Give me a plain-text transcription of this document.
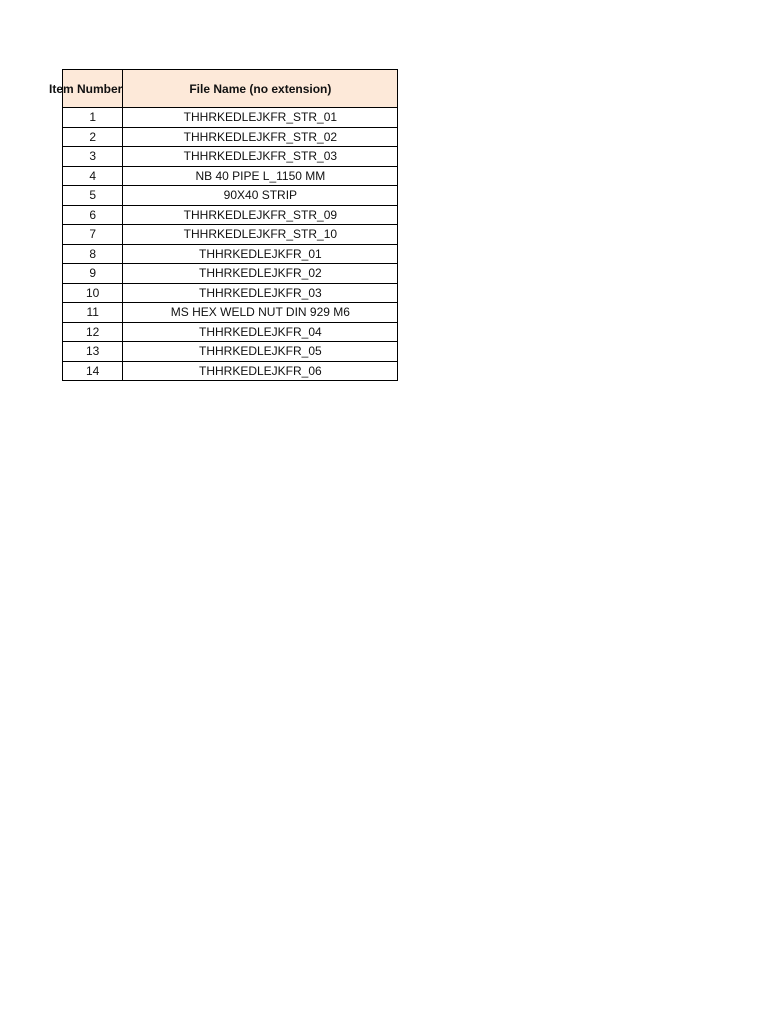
Item Number	File Name (no extension)
1	THHRKEDLEJKFR_STR_01
2	THHRKEDLEJKFR_STR_02
3	THHRKEDLEJKFR_STR_03
4	NB 40 PIPE L_1150 MM
5	90X40 STRIP
6	THHRKEDLEJKFR_STR_09
7	THHRKEDLEJKFR_STR_10
8	THHRKEDLEJKFR_01
9	THHRKEDLEJKFR_02
10	THHRKEDLEJKFR_03
11	MS HEX WELD NUT DIN 929 M6
12	THHRKEDLEJKFR_04
13	THHRKEDLEJKFR_05
14	THHRKEDLEJKFR_06
